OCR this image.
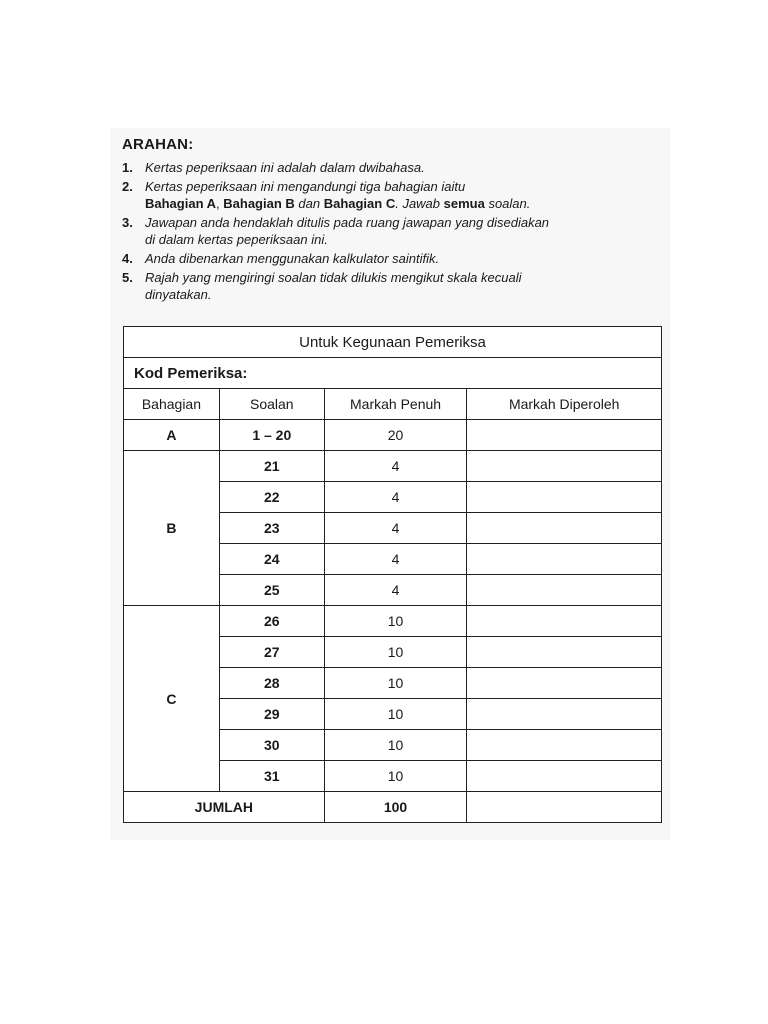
ARAHAN:
1. Kertas peperiksaan ini adalah dalam dwibahasa.
2. Kertas peperiksaan ini mengandungi tiga bahagian iaitu
Bahagian A, Bahagian B dan Bahagian C. Jawab semua soalan.
3. Jawapan anda hendaklah ditulis pada ruang jawapan yang disediakan
di dalam kertas peperiksaan ini.
4. Anda dibenarkan menggunakan kalkulator saintifik.
5. Rajah yang mengiringi soalan tidak dilukis mengikut skala kecuali
dinyatakan.
Untuk Kegunaan Pemeriksa			
Kod Pemeriksa:			
Bahagian	Soalan	Markah Penuh	Markah Diperoleh
A	1 – 20	20	
B	21	4	
	22	4	
	23	4	
	24	4	
	25	4	
C	26	10	
	27	10	
	28	10	
	29	10	
	30	10	
	31	10	
JUMLAH		100	
